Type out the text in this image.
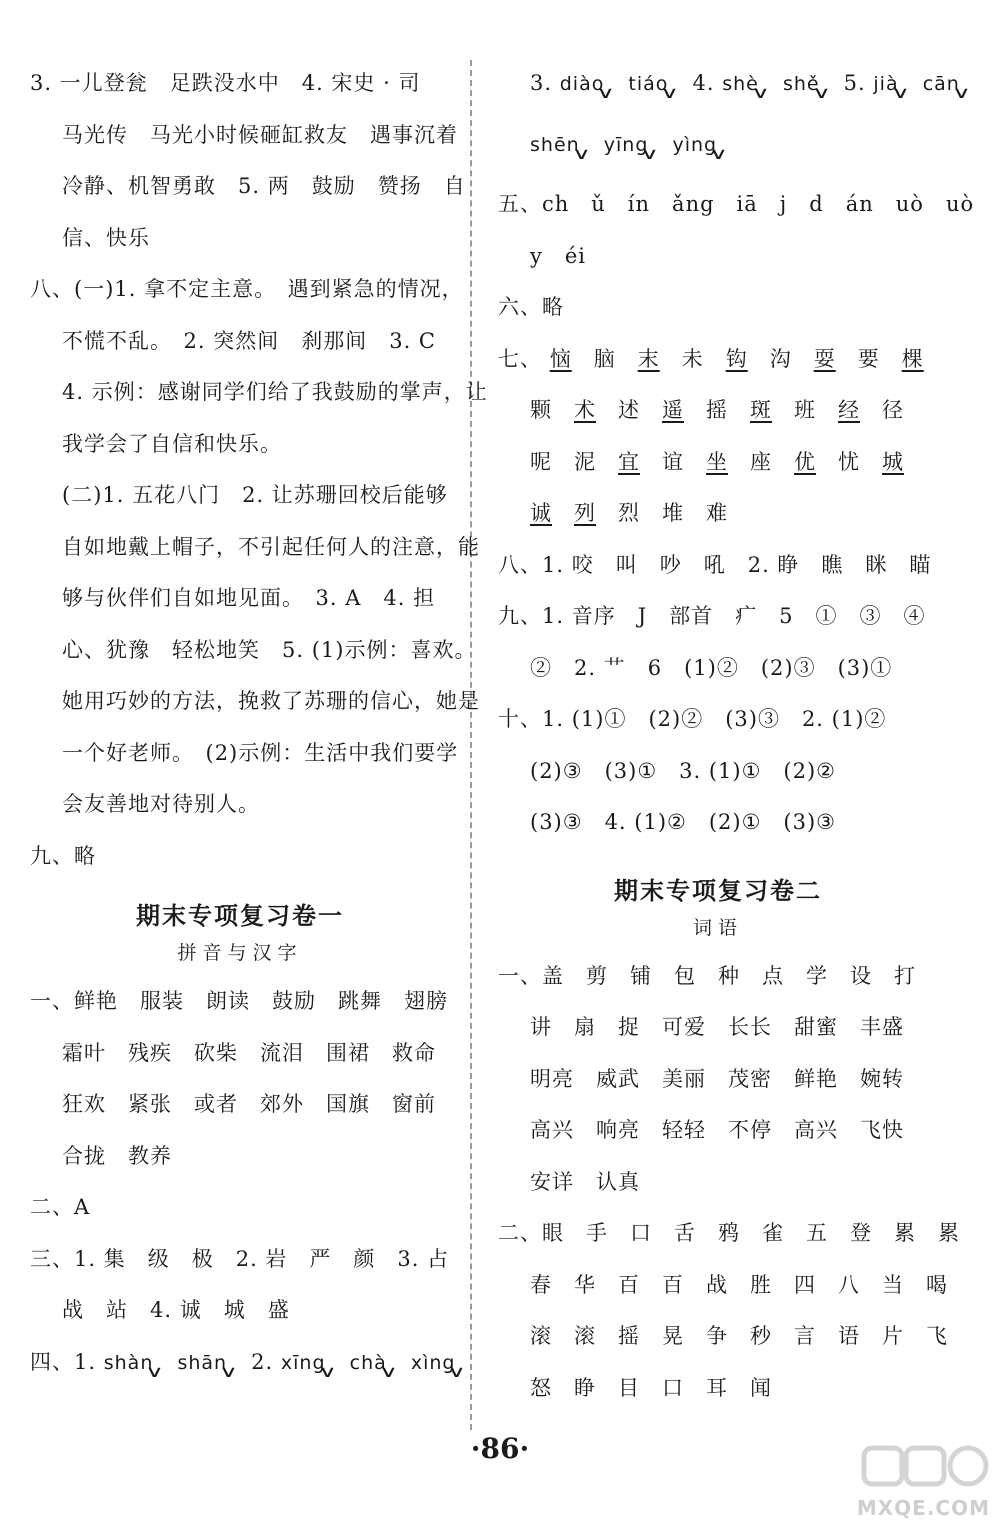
3. 一儿登瓮　足跌没水中　4. 宋史 · 司
马光传　马光小时候砸缸救友　遇事沉着
冷静、机智勇敢　5. 两　鼓励　赞扬　自
信、快乐
八、(一)1. 拿不定主意。　遇到紧急的情况，
不慌不乱。　2. 突然间　刹那间　3. C
4. 示例：感谢同学们给了我鼓励的掌声，让
我学会了自信和快乐。
(二)1. 五花八门　2. 让苏珊回校后能够
自如地戴上帽子，不引起任何人的注意，能
够与伙伴们自如地见面。　3. A　4. 担
心、犹豫　轻松地笑　5. (1)示例：喜欢。
她用巧妙的方法，挽救了苏珊的信心，她是
一个好老师。　(2)示例：生活中我们要学
会友善地对待别人。
九、略
期末专项复习卷一
拼音与汉字
一、鲜艳　服装　朗读　鼓励　跳舞　翅膀
霜叶　残疾　砍柴　流泪　围裙　救命
狂欢　紧张　或者　郊外　国旗　窗前
合拢　教养
二、A
三、1. 集　级　极　2. 岩　严　颜　3. 占
战　站　4. 诚　城　盛
四、1. shàn∨ shān∨ 2. xīng∨ chà∨ xìng∨
3. diào∨ tiáo∨ 4. shè∨ shě∨ 5. jià∨ cān∨
shēn∨ yīng∨ yìng∨
五、ch　ǔ　ín　ǎng　iā　j　d　án　uò　uò
y　éi
六、略
七、 恼　 脑　 末　 未　 钩　 沟　 耍　 要　 棵
颗　 术　 述　 遥　 摇　 斑　 班　 经　 径
呢　 泥　 宜　 谊　 坐　 座　 优　 忧　 城
诚　 列　 烈　 堆　 难
八、1. 咬　叫　吵　吼　2. 睁　瞧　眯　瞄
九、1. 音序　J　部首　疒　5　①　③　④
②　2. 艹　6　(1)②　(2)③　(3)①
十、1. (1)①　(2)②　(3)③　2. (1)②
(2)③　(3)①　3. (1)①　(2)②
(3)③　4. (1)②　(2)①　(3)③
期末专项复习卷二
词语
一、盖　剪　铺　包　种　点　学　设　打
讲　扇　捉　可爱　长长　甜蜜　丰盛
明亮　威武　美丽　茂密　鲜艳　婉转
高兴　响亮　轻轻　不停　高兴　飞快
安详　认真
二、眼　手　口　舌　鸦　雀　五　登　累　累
春　华　百　百　战　胜　四　八　当　喝
滚　滚　摇　晃　争　秒　言　语　片　飞
怒　睁　目　口　耳　闻
·86·
MXQE.COM
